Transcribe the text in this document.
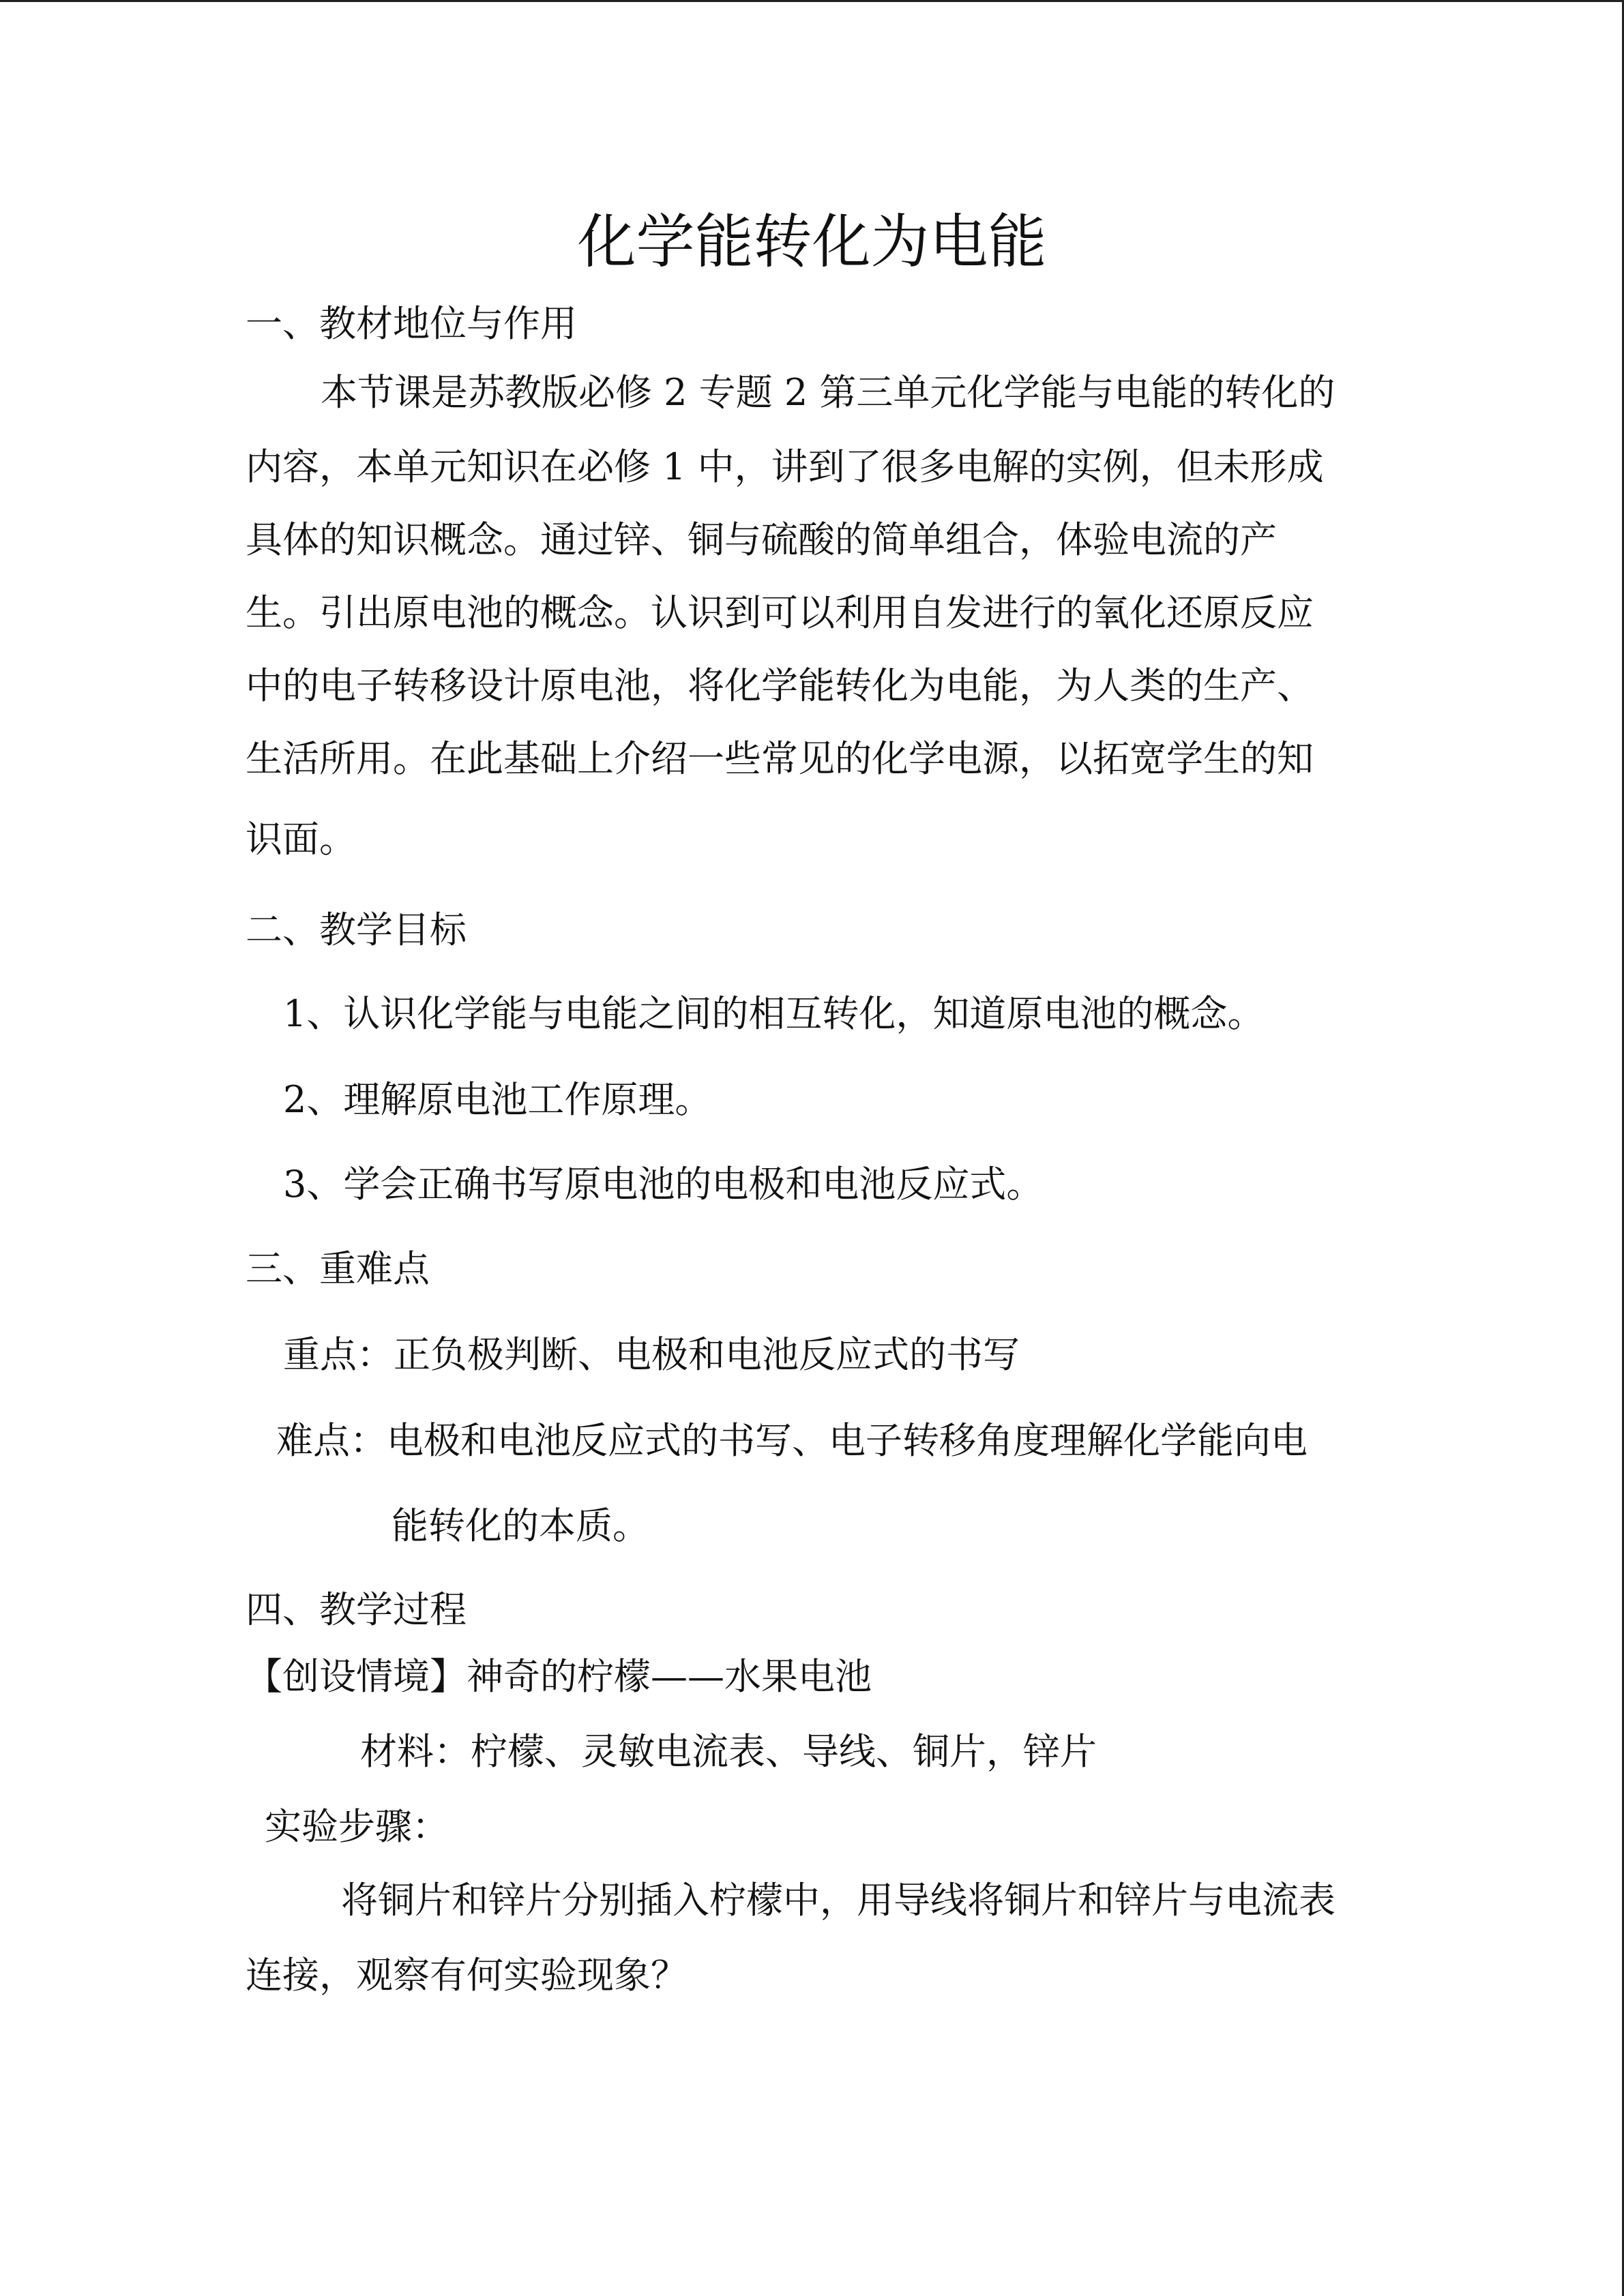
化学能转化为电能
一、教材地位与作用
本节课是苏教版必修 2 专题 2 第三单元化学能与电能的转化的
内容，本单元知识在必修 1 中，讲到了很多电解的实例，但未形成
具体的知识概念。通过锌、铜与硫酸的简单组合，体验电流的产
生。引出原电池的概念。认识到可以利用自发进行的氧化还原反应
中的电子转移设计原电池，将化学能转化为电能，为人类的生产、
生活所用。在此基础上介绍一些常见的化学电源，以拓宽学生的知
识面。
二、教学目标
1、认识化学能与电能之间的相互转化，知道原电池的概念。
2、理解原电池工作原理。
3、学会正确书写原电池的电极和电池反应式。
三、重难点
重点：正负极判断、电极和电池反应式的书写
难点：电极和电池反应式的书写、电子转移角度理解化学能向电
能转化的本质。
四、教学过程
【创设情境】神奇的柠檬——水果电池
材料：柠檬、灵敏电流表、导线、铜片，锌片
实验步骤：
将铜片和锌片分别插入柠檬中，用导线将铜片和锌片与电流表
连接，观察有何实验现象？
